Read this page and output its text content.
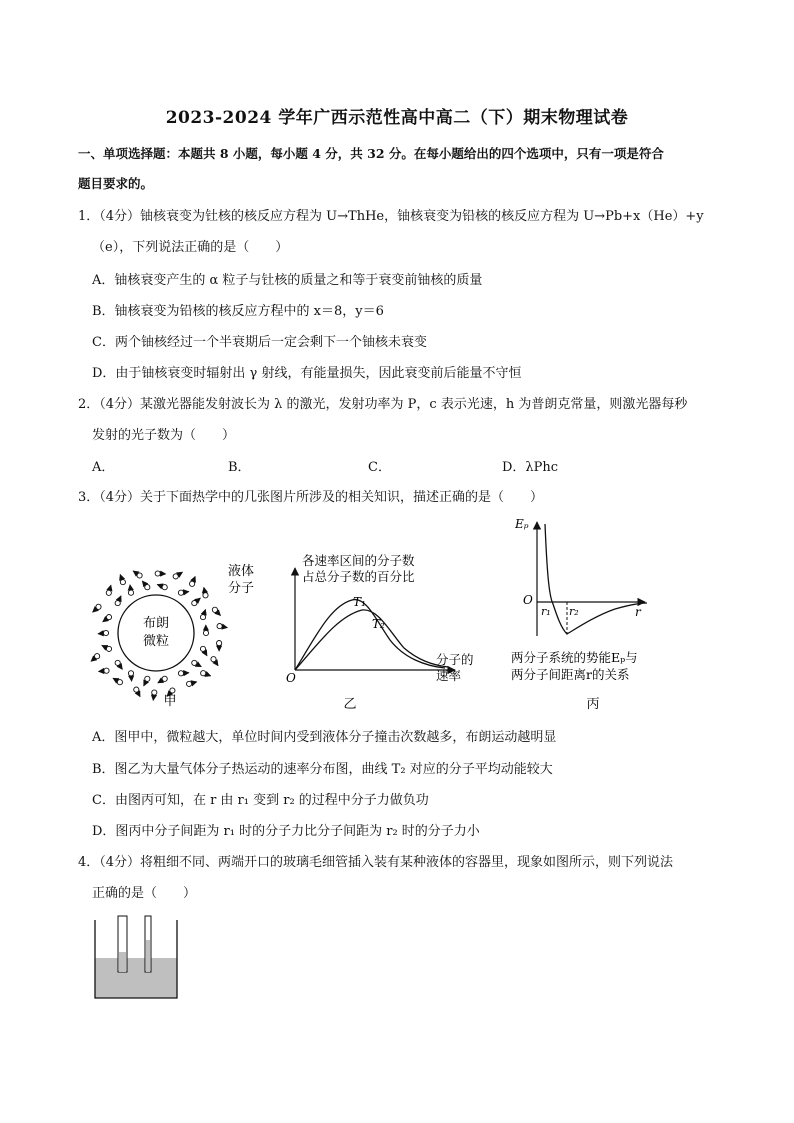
2023-2024 学年广西示范性高中高二（下）期末物理试卷
一、单项选择题：本题共 8 小题，每小题 4 分，共 32 分。在每小题给出的四个选项中，只有一项是符合
题目要求的。
1．（4分）铀核衰变为钍核的核反应方程为 U→ThHe，铀核衰变为铅核的核反应方程为 U→Pb+x（He）+y
（e），下列说法正确的是（　　）
A．铀核衰变产生的 α 粒子与钍核的质量之和等于衰变前铀核的质量
B．铀核衰变为铅核的核反应方程中的 x＝8，y＝6
C．两个铀核经过一个半衰期后一定会剩下一个铀核未衰变
D．由于铀核衰变时辐射出 γ 射线，有能量损失，因此衰变前后能量不守恒
2．（4分）某激光器能发射波长为 λ 的激光，发射功率为 P，c 表示光速，h 为普朗克常量，则激光器每秒
发射的光子数为（　　）
A．	B．	C．	D．λPhc
3．（4分）关于下面热学中的几张图片所涉及的相关知识，描述正确的是（　　）
布朗
微粒
液体
分子
甲
各速率区间的分子数
占总分子数的百分比
T₁
T₂
O
分子的
速率
乙
Eₚ
O
r₁ r₂	r
两分子系统的势能Eₚ与
两分子间距离r的关系
丙
A．图甲中，微粒越大，单位时间内受到液体分子撞击次数越多，布朗运动越明显
B．图乙为大量气体分子热运动的速率分布图，曲线 T₂ 对应的分子平均动能较大
C．由图丙可知，在 r 由 r₁ 变到 r₂ 的过程中分子力做负功
D．图丙中分子间距为 r₁ 时的分子力比分子间距为 r₂ 时的分子力小
4．（4分）将粗细不同、两端开口的玻璃毛细管插入装有某种液体的容器里，现象如图所示，则下列说法
正确的是（　　）
